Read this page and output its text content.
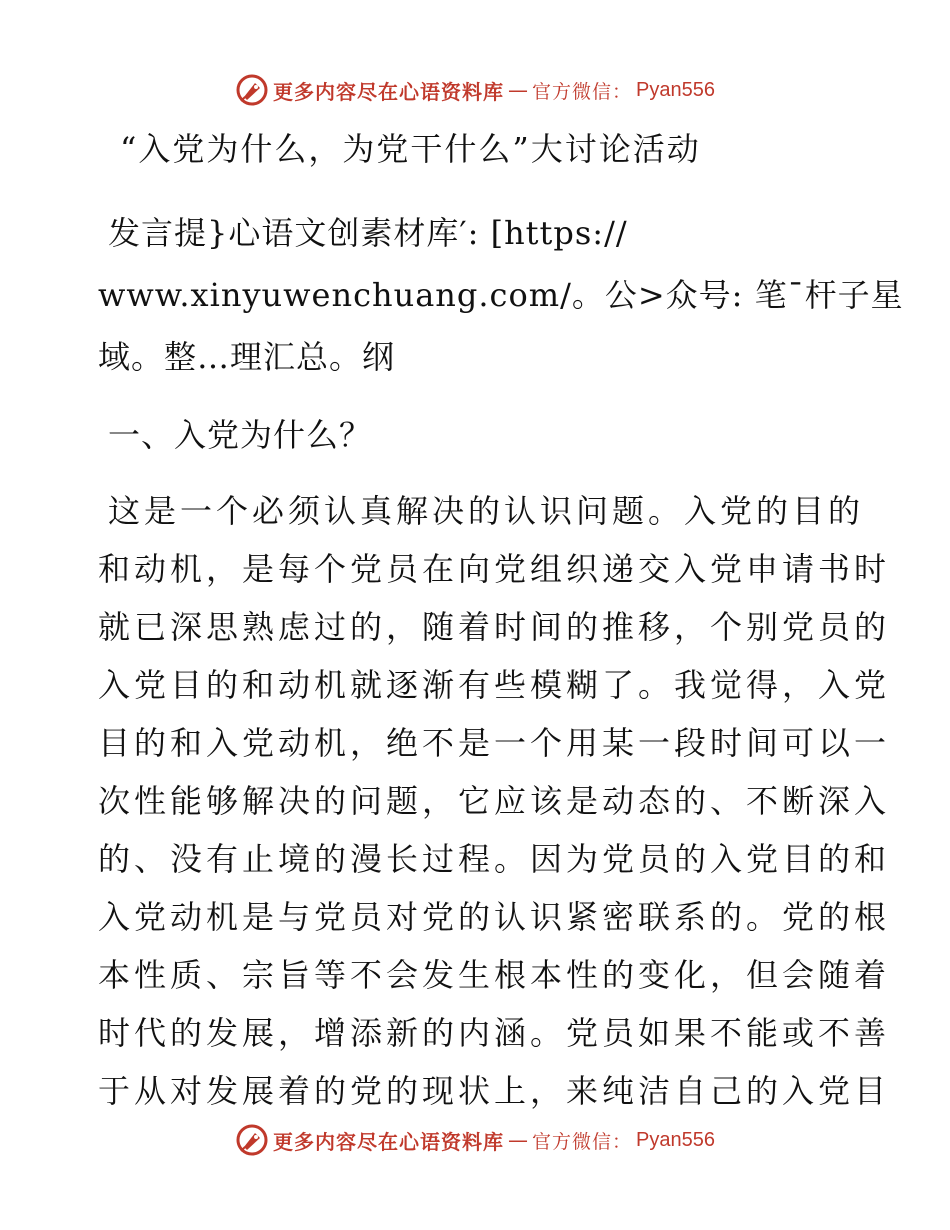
更多内容尽在心语资料库 — 官方微信： Pyan556
“入党为什么，为党干什么”大讨论活动
发言提}心语文创素材库′: [https://
www.xinyuwenchuang.com/。公>众号: 笔¯杆子星
域。整…理汇总。纲
一、入党为什么？
这是一个必须认真解决的认识问题。入党的目的
和动机，是每个党员在向党组织递交入党申请书时
就已深思熟虑过的，随着时间的推移，个别党员的
入党目的和动机就逐渐有些模糊了。我觉得，入党
目的和入党动机，绝不是一个用某一段时间可以一
次性能够解决的问题，它应该是动态的、不断深入
的、没有止境的漫长过程。因为党员的入党目的和
入党动机是与党员对党的认识紧密联系的。党的根
本性质、宗旨等不会发生根本性的变化，但会随着
时代的发展，增添新的内涵。党员如果不能或不善
于从对发展着的党的现状上，来纯洁自己的入党目
更多内容尽在心语资料库 — 官方微信： Pyan556
